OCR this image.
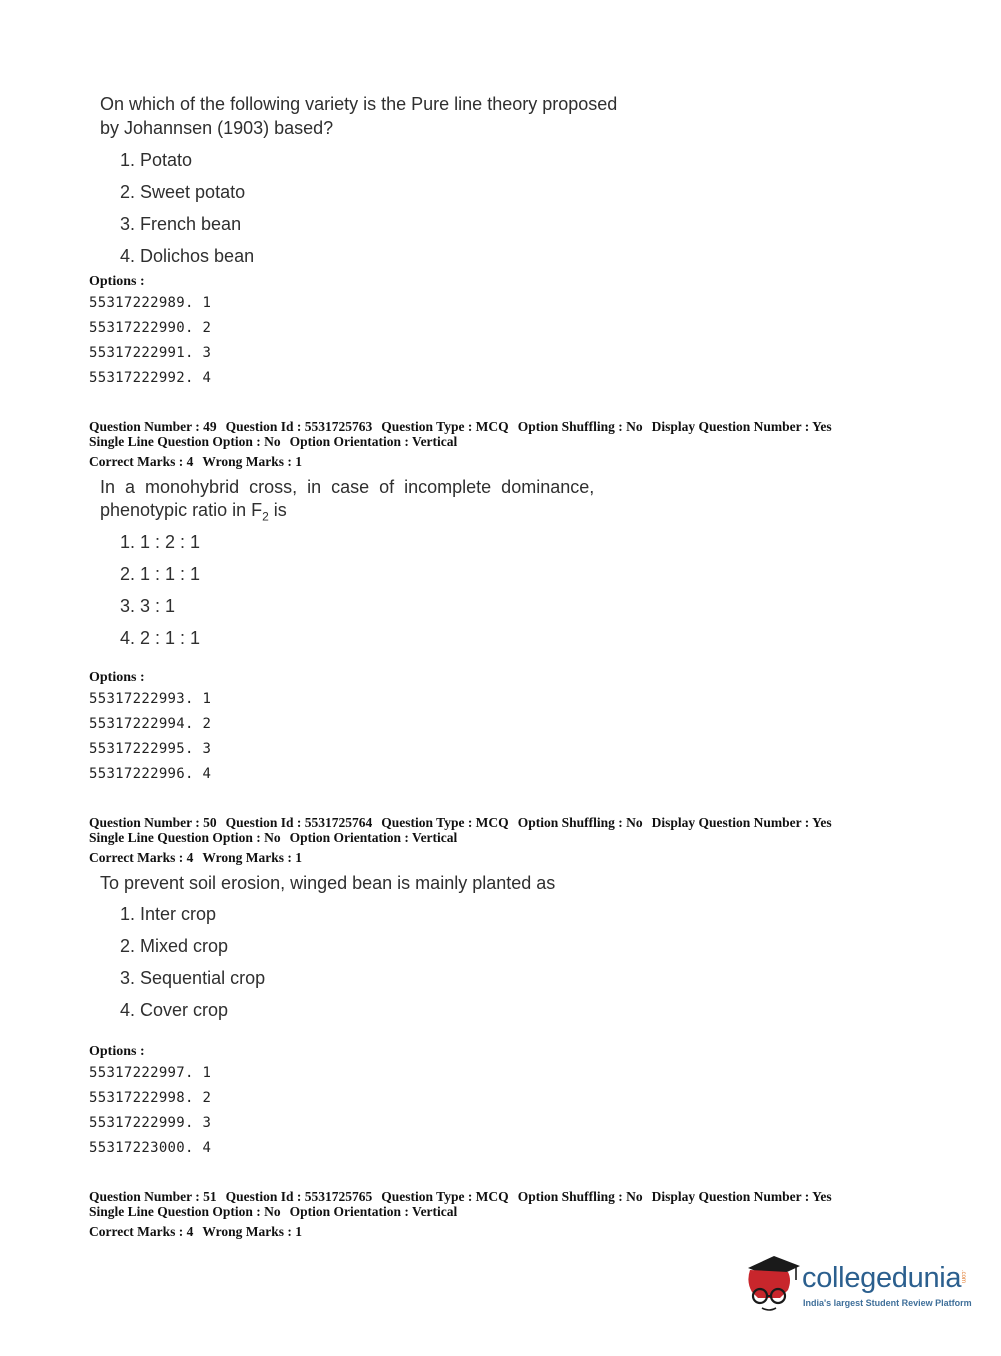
On which of the following variety is the Pure line theory proposed
by Johannsen (1903) based?
1. Potato
2. Sweet potato
3. French bean
4. Dolichos bean
Options :
55317222989. 1
55317222990. 2
55317222991. 3
55317222992. 4
Question Number : 49 Question Id : 5531725763 Question Type : MCQ Option Shuffling : No Display Question Number : Yes
Single Line Question Option : No Option Orientation : Vertical
Correct Marks : 4 Wrong Marks : 1
In a monohybrid cross, in case of incomplete dominance,
phenotypic ratio in $F_2$ is
1. 1 : 2 : 1
2. 1 : 1 : 1
3. 3 : 1
4. 2 : 1 : 1
Options :
55317222993. 1
55317222994. 2
55317222995. 3
55317222996. 4
Question Number : 50 Question Id : 5531725764 Question Type : MCQ Option Shuffling : No Display Question Number : Yes
Single Line Question Option : No Option Orientation : Vertical
Correct Marks : 4 Wrong Marks : 1
To prevent soil erosion, winged bean is mainly planted as
1. Inter crop
2. Mixed crop
3. Sequential crop
4. Cover crop
Options :
55317222997. 1
55317222998. 2
55317222999. 3
55317223000. 4
Question Number : 51 Question Id : 5531725765 Question Type : MCQ Option Shuffling : No Display Question Number : Yes
Single Line Question Option : No Option Orientation : Vertical
Correct Marks : 4 Wrong Marks : 1
collegedunia
.com
India's largest Student Review Platform
